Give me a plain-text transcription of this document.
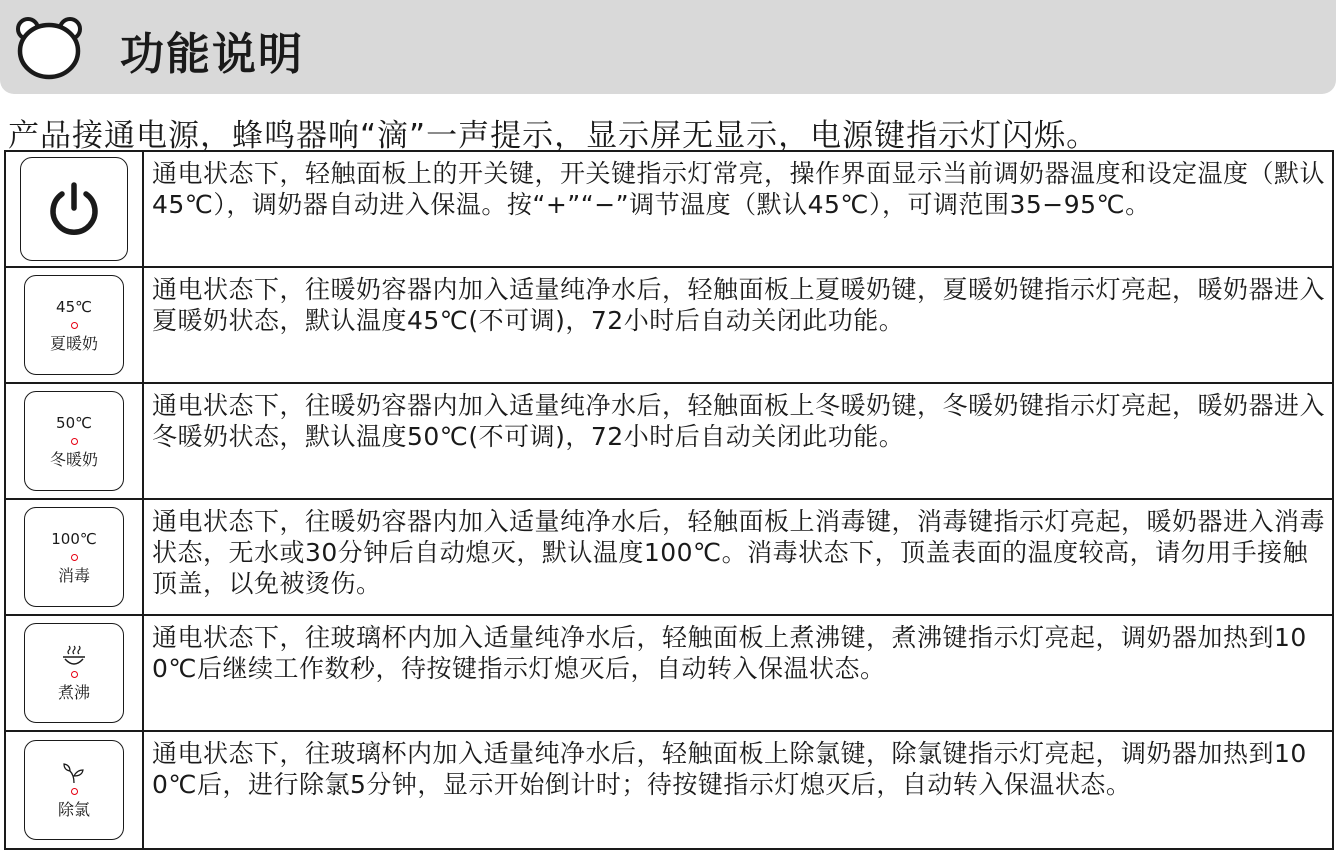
功能说明
产品接通电源，蜂鸣器响“滴”一声提示，显示屏无显示，电源键指示灯闪烁。
	通电状态下，轻触面板上的开关键，开关键指示灯常亮，操作界面显示当前调奶器温度和设定温度（默认45℃），调奶器自动进入保温。按“+”“−”调节温度（默认45℃），可调范围35−95℃。

45℃
夏暖奶	通电状态下，往暖奶容器内加入适量纯净水后，轻触面板上夏暖奶键，夏暖奶键指示灯亮起，暖奶器进入夏暖奶状态，默认温度45℃(不可调)，72小时后自动关闭此功能。

50℃
冬暖奶	通电状态下，往暖奶容器内加入适量纯净水后，轻触面板上冬暖奶键，冬暖奶键指示灯亮起，暖奶器进入冬暖奶状态，默认温度50℃(不可调)，72小时后自动关闭此功能。

100℃
消毒	通电状态下，往暖奶容器内加入适量纯净水后，轻触面板上消毒键，消毒键指示灯亮起，暖奶器进入消毒状态，无水或30分钟后自动熄灭，默认温度100℃。消毒状态下，顶盖表面的温度较高，请勿用手接触顶盖，以免被烫伤。

煮沸	通电状态下，往玻璃杯内加入适量纯净水后，轻触面板上煮沸键，煮沸键指示灯亮起，调奶器加热到100℃后继续工作数秒，待按键指示灯熄灭后，自动转入保温状态。

除氯	通电状态下，往玻璃杯内加入适量纯净水后，轻触面板上除氯键，除氯键指示灯亮起，调奶器加热到100℃后，进行除氯5分钟，显示开始倒计时；待按键指示灯熄灭后，自动转入保温状态。
